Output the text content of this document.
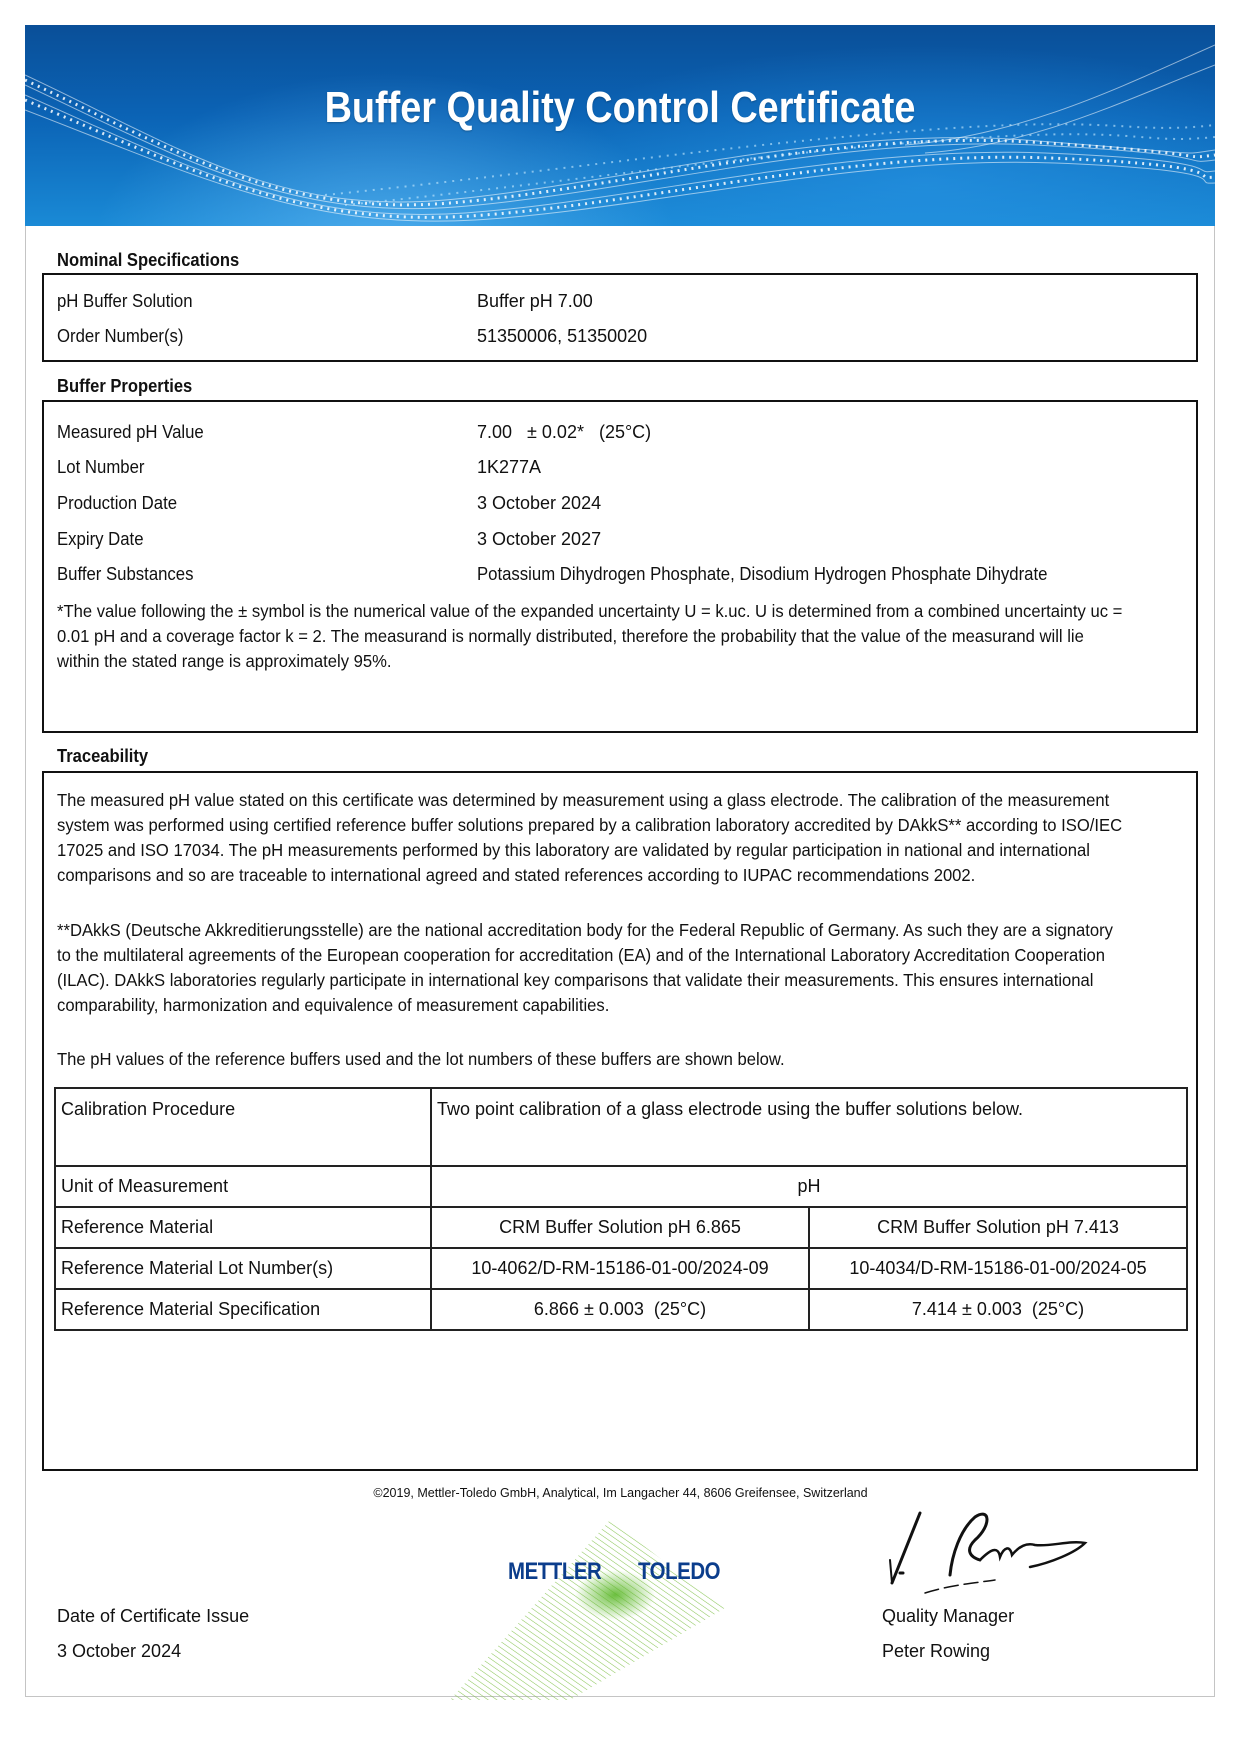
Buffer Quality Control Certificate
Nominal Specifications
pH Buffer Solution	Buffer pH 7.00
Order Number(s)	51350006, 51350020
Buffer Properties
Measured pH Value	7.00   ± 0.02*   (25°C)
Lot Number	1K277A
Production Date	3 October 2024
Expiry Date	3 October 2027
Buffer Substances	Potassium Dihydrogen Phosphate, Disodium Hydrogen Phosphate Dihydrate
*The value following the ± symbol is the numerical value of the expanded uncertainty U = k.uc. U is determined from a combined uncertainty uc = 0.01 pH and a coverage factor k = 2. The measurand is normally distributed, therefore the probability that the value of the measurand will lie within the stated range is approximately 95%.
Traceability
The measured pH value stated on this certificate was determined by measurement using a glass electrode. The calibration of the measurement system was performed using certified reference buffer solutions prepared by a calibration laboratory accredited by DAkkS** according to ISO/IEC 17025 and ISO 17034. The pH measurements performed by this laboratory are validated by regular participation in national and international comparisons and so are traceable to international agreed and stated references according to IUPAC recommendations 2002.
**DAkkS (Deutsche Akkreditierungsstelle) are the national accreditation body for the Federal Republic of Germany. As such they are a signatory to the multilateral agreements of the European cooperation for accreditation (EA) and of the International Laboratory Accreditation Cooperation (ILAC). DAkkS laboratories regularly participate in international key comparisons that validate their measurements. This ensures international comparability, harmonization and equivalence of measurement capabilities.
The pH values of the reference buffers used and the lot numbers of these buffers are shown below.
Calibration Procedure	Two point calibration of a glass electrode using the buffer solutions below.	
Unit of Measurement	pH	
Reference Material	CRM Buffer Solution pH 6.865	CRM Buffer Solution pH 7.413
Reference Material Lot Number(s)	10-4062/D-RM-15186-01-00/2024-09	10-4034/D-RM-15186-01-00/2024-05
Reference Material Specification	6.866 ± 0.003  (25°C)	7.414 ± 0.003  (25°C)
©2019, Mettler-Toledo GmbH, Analytical, Im Langacher 44, 8606 Greifensee, Switzerland
METTLER TOLEDO
Date of Certificate Issue
3 October 2024
Quality Manager
Peter Rowing
